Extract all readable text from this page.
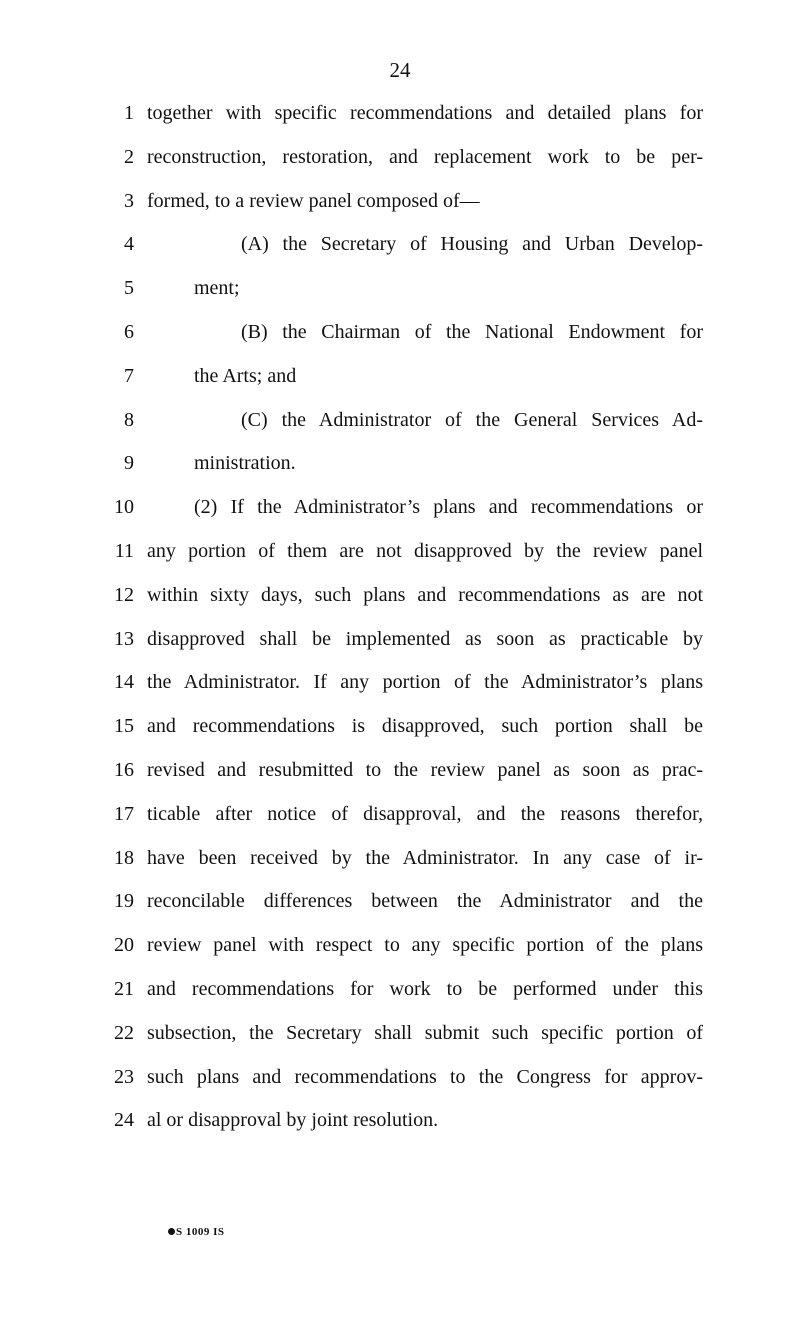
24
1 together with specific recommendations and detailed plans for
2 reconstruction, restoration, and replacement work to be per-
3 formed, to a review panel composed of—
4	(A) the Secretary of Housing and Urban Develop-
5	ment;
6	(B) the Chairman of the National Endowment for
7	the Arts; and
8	(C) the Administrator of the General Services Ad-
9	ministration.
10	(2) If the Administrator’s plans and recommendations or
11 any portion of them are not disapproved by the review panel
12 within sixty days, such plans and recommendations as are not
13 disapproved shall be implemented as soon as practicable by
14 the Administrator. If any portion of the Administrator’s plans
15 and recommendations is disapproved, such portion shall be
16 revised and resubmitted to the review panel as soon as prac-
17 ticable after notice of disapproval, and the reasons therefor,
18 have been received by the Administrator. In any case of ir-
19 reconcilable differences between the Administrator and the
20 review panel with respect to any specific portion of the plans
21 and recommendations for work to be performed under this
22 subsection, the Secretary shall submit such specific portion of
23 such plans and recommendations to the Congress for approv-
24 al or disapproval by joint resolution.
S 1009 IS
